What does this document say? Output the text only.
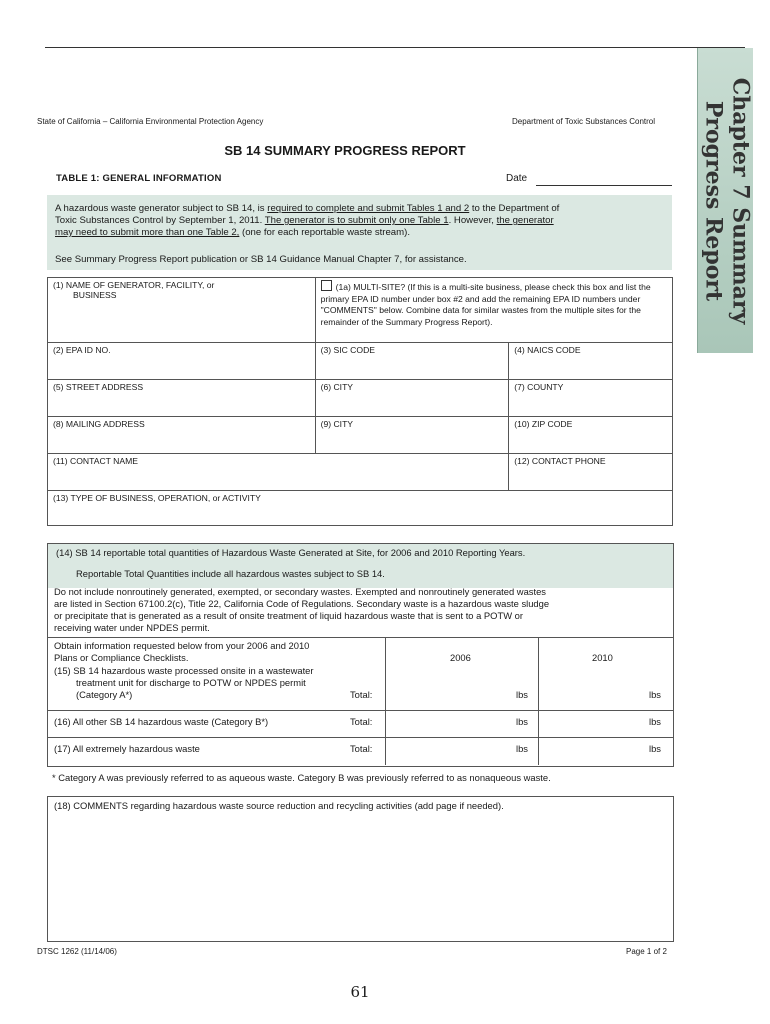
Chapter 7 Summary
Progress Report
State of California – California Environmental Protection Agency	Department of Toxic Substances Control
SB 14 SUMMARY PROGRESS REPORT
TABLE 1: GENERAL INFORMATION	Date

A hazardous waste generator subject to SB 14, is required to complete and submit Tables 1 and 2 to the Department of

Toxic Substances Control by September 1, 2011. The generator is to submit only one Table 1. However, the generator

may need to submit more than one Table 2, (one for each reportable waste stream).

See Summary Progress Report publication or SB 14 Guidance Manual Chapter 7, for assistance.

(1) NAME OF GENERATOR, FACILITY, or
BUSINESS	(1a) MULTI-SITE? (If this is a multi-site business, please check this box and list the primary EPA ID number under box #2 and add the remaining EPA ID numbers under "COMMENTS" below. Combine data for similar wastes from the multiple sites for the remainder of the Summary Progress Report).	
(2) EPA ID NO.	(3) SIC CODE	(4) NAICS CODE
(5) STREET ADDRESS	(6) CITY	(7) COUNTY
(8) MAILING ADDRESS	(9) CITY	(10) ZIP CODE
(11) CONTACT NAME		(12) CONTACT PHONE
(13) TYPE OF BUSINESS, OPERATION, or ACTIVITY		
(14) SB 14 reportable total quantities of Hazardous Waste Generated at Site, for 2006 and 2010 Reporting Years.
Reportable Total Quantities include all hazardous wastes subject to SB 14.
Do not include nonroutinely generated, exempted, or secondary wastes. Exempted and nonroutinely generated wastes
are listed in Section 67100.2(c), Title 22, California Code of Regulations. Secondary waste is a hazardous waste sludge
or precipitate that is generated as a result of onsite treatment of liquid hazardous waste that is sent to a POTW or
receiving water under NPDES permit.
Obtain information requested below from your 2006 and 2010
Plans or Compliance Checklists.	2006	2010
(15) SB 14 hazardous waste processed onsite in a wastewater
treatment unit for discharge to POTW or NPDES permit
(Category A*)	Total:	lbs	lbs
(16) All other SB 14 hazardous waste (Category B*)	Total:	lbs	lbs
(17) All extremely hazardous waste	Total:	lbs	lbs
* Category A was previously referred to as aqueous waste. Category B was previously referred to as nonaqueous waste.
(18) COMMENTS regarding hazardous waste source reduction and recycling activities (add page if needed).
DTSC 1262 (11/14/06)	Page 1 of 2
61
